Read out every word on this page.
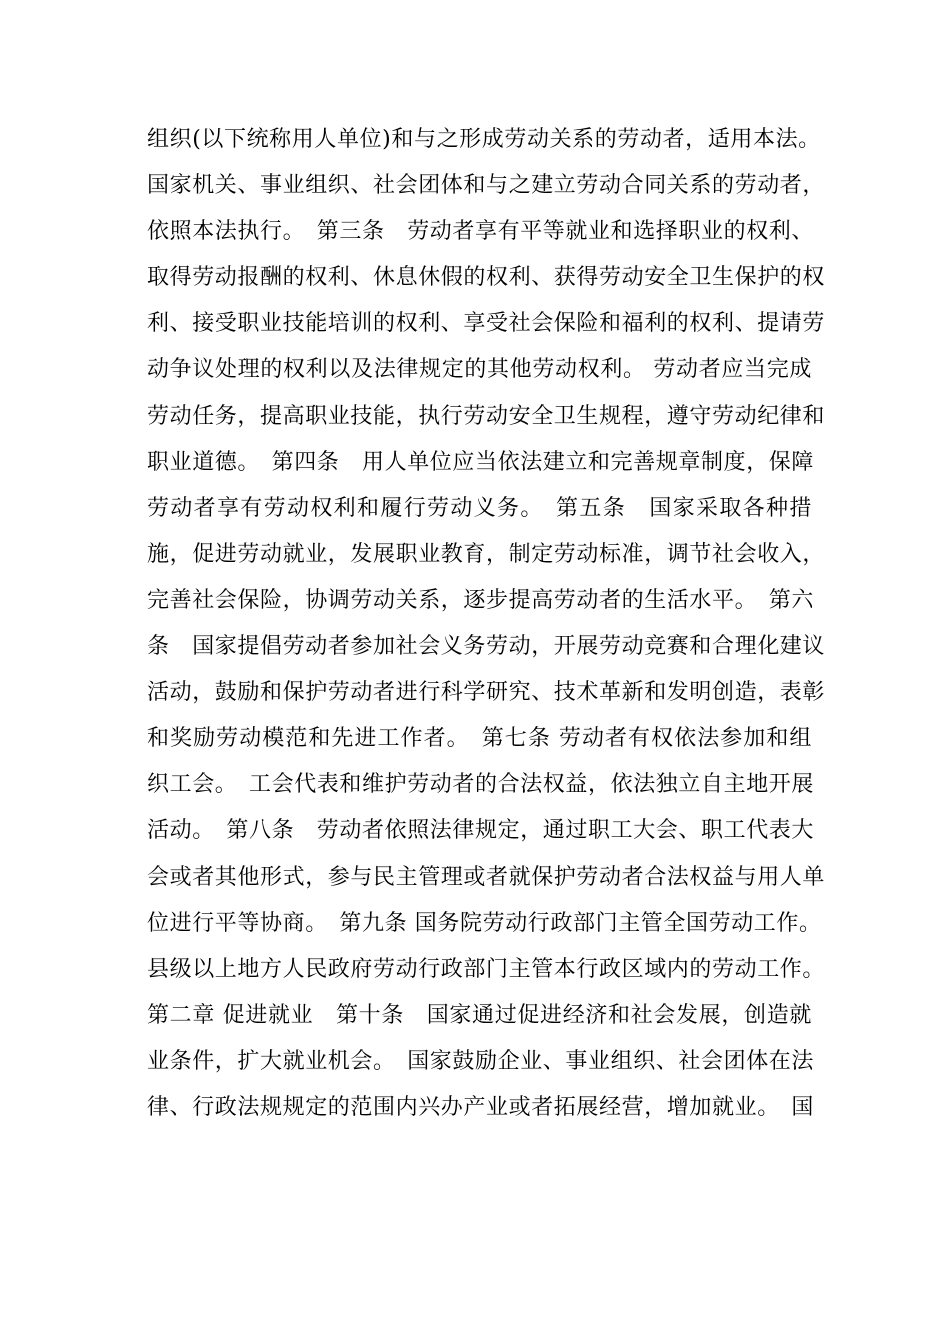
组织(以下统称用人单位)和与之形成劳动关系的劳动者，适用本法。
国家机关、事业组织、社会团体和与之建立劳动合同关系的劳动者，
依照本法执行。　第三条　劳动者享有平等就业和选择职业的权利、
取得劳动报酬的权利、休息休假的权利、获得劳动安全卫生保护的权
利、接受职业技能培训的权利、享受社会保险和福利的权利、提请劳
动争议处理的权利以及法律规定的其他劳动权利。 劳动者应当完成
劳动任务，提高职业技能，执行劳动安全卫生规程，遵守劳动纪律和
职业道德。　第四条　用人单位应当依法建立和完善规章制度，保障
劳动者享有劳动权利和履行劳动义务。　第五条　国家采取各种措
施，促进劳动就业，发展职业教育，制定劳动标准，调节社会收入，
完善社会保险，协调劳动关系，逐步提高劳动者的生活水平。　第六
条　国家提倡劳动者参加社会义务劳动，开展劳动竞赛和合理化建议
活动，鼓励和保护劳动者进行科学研究、技术革新和发明创造，表彰
和奖励劳动模范和先进工作者。　第七条 劳动者有权依法参加和组
织工会。　工会代表和维护劳动者的合法权益，依法独立自主地开展
活动。　第八条　劳动者依照法律规定，通过职工大会、职工代表大
会或者其他形式，参与民主管理或者就保护劳动者合法权益与用人单
位进行平等协商。　第九条 国务院劳动行政部门主管全国劳动工作。
县级以上地方人民政府劳动行政部门主管本行政区域内的劳动工作。
第二章 促进就业　第十条　国家通过促进经济和社会发展，创造就
业条件，扩大就业机会。　国家鼓励企业、事业组织、社会团体在法
律、行政法规规定的范围内兴办产业或者拓展经营，增加就业。　国
